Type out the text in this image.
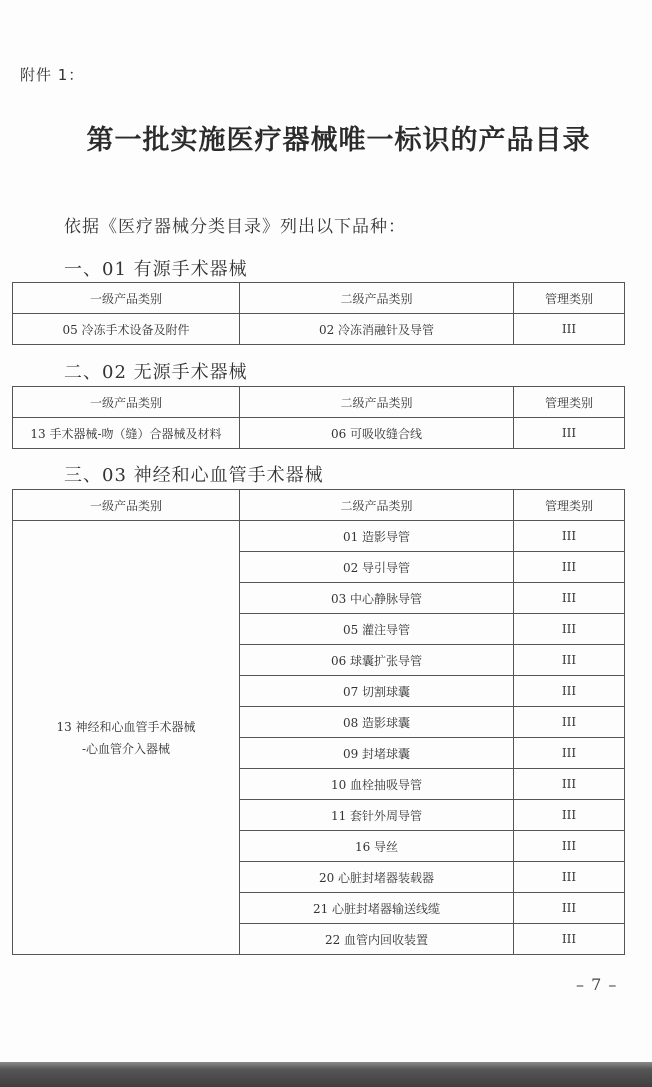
附件 1：
第一批实施医疗器械唯一标识的产品目录
依据《医疗器械分类目录》列出以下品种：
一、01 有源手术器械
一级产品类别	二级产品类别	管理类别
05 冷冻手术设备及附件	02 冷冻消融针及导管	III
二、02 无源手术器械
一级产品类别	二级产品类别	管理类别
13 手术器械-吻（缝）合器械及材料	06 可吸收缝合线	III
三、03 神经和心血管手术器械
一级产品类别	二级产品类别	管理类别

13 神经和心血管手术器械
-心血管介入器械	01 造影导管	III
	02 导引导管	III
	03 中心静脉导管	III
	05 灌注导管	III
	06 球囊扩张导管	III
	07 切割球囊	III
	08 造影球囊	III
	09 封堵球囊	III
	10 血栓抽吸导管	III
	11 套针外周导管	III
	16 导丝	III
	20 心脏封堵器装载器	III
	21 心脏封堵器输送线缆	III
	22 血管内回收装置	III
– 7 –
